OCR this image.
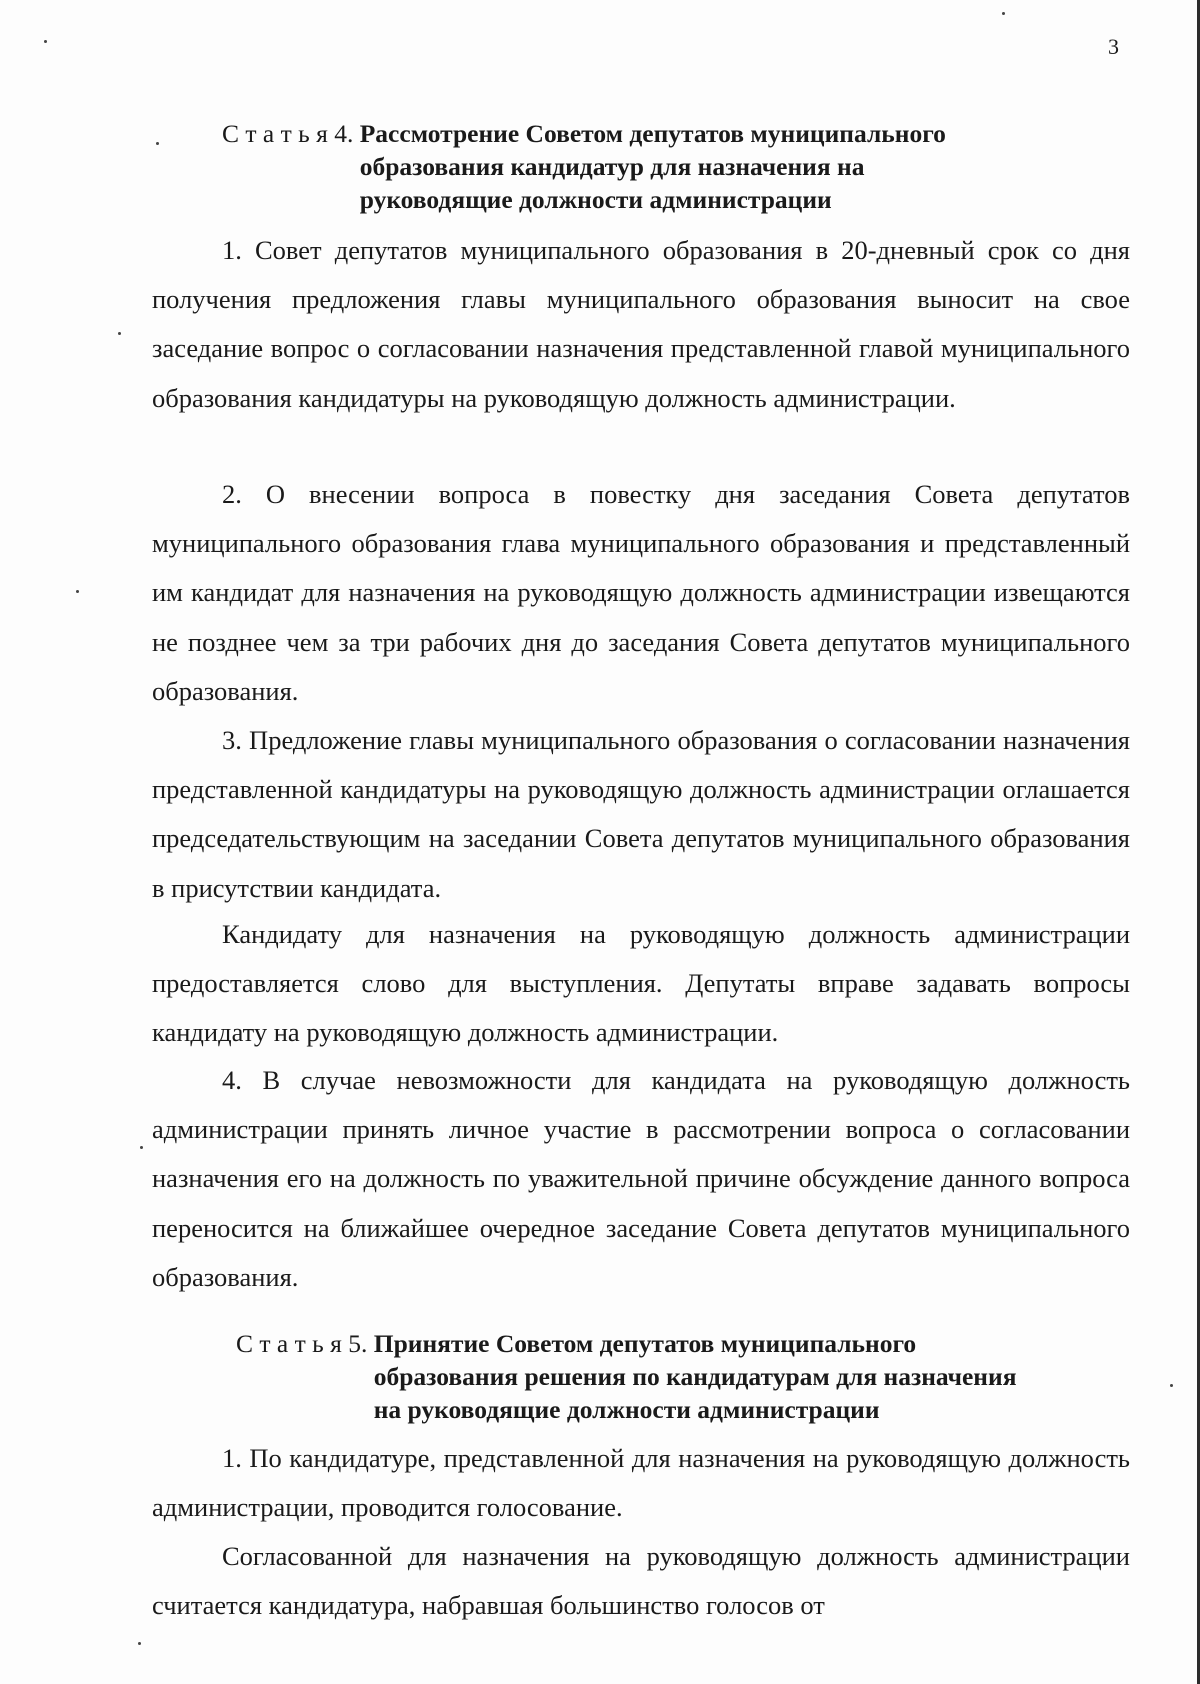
3
С т а т ь я 4. Рассмотрение Советом депутатов муниципального
образования кандидатур для назначения на
руководящие должности администрации

1. Совет депутатов муниципального образования в 20-дневный срок со дня получения предложения главы муниципального образования выносит на свое заседание вопрос о согласовании назначения представленной главой муниципального образования кандидатуры на руководящую должность администрации.

2. О внесении вопроса в повестку дня заседания Совета депутатов муниципального образования глава муниципального образования и представленный им кандидат для назначения на руководящую должность администрации извещаются не позднее чем за три рабочих дня до заседания Совета депутатов муниципального образования.

3. Предложение главы муниципального образования о согласовании назначения представленной кандидатуры на руководящую должность администрации оглашается председательствующим на заседании Совета депутатов муниципального образования в присутствии кандидата.

Кандидату для назначения на руководящую должность администрации предоставляется слово для выступления. Депутаты вправе задавать вопросы кандидату на руководящую должность администрации.

4. В случае невозможности для кандидата на руководящую должность администрации принять личное участие в рассмотрении вопроса о согласовании назначения его на должность по уважительной причине обсуждение данного вопроса переносится на ближайшее очередное заседание Совета депутатов муниципального образования.

С т а т ь я 5. Принятие Советом депутатов муниципального
образования решения по кандидатурам для назначения
на руководящие должности администрации

1. По кандидатуре, представленной для назначения на руководящую должность администрации, проводится голосование.

Согласованной для назначения на руководящую должность администрации считается кандидатура, набравшая большинство голосов от
